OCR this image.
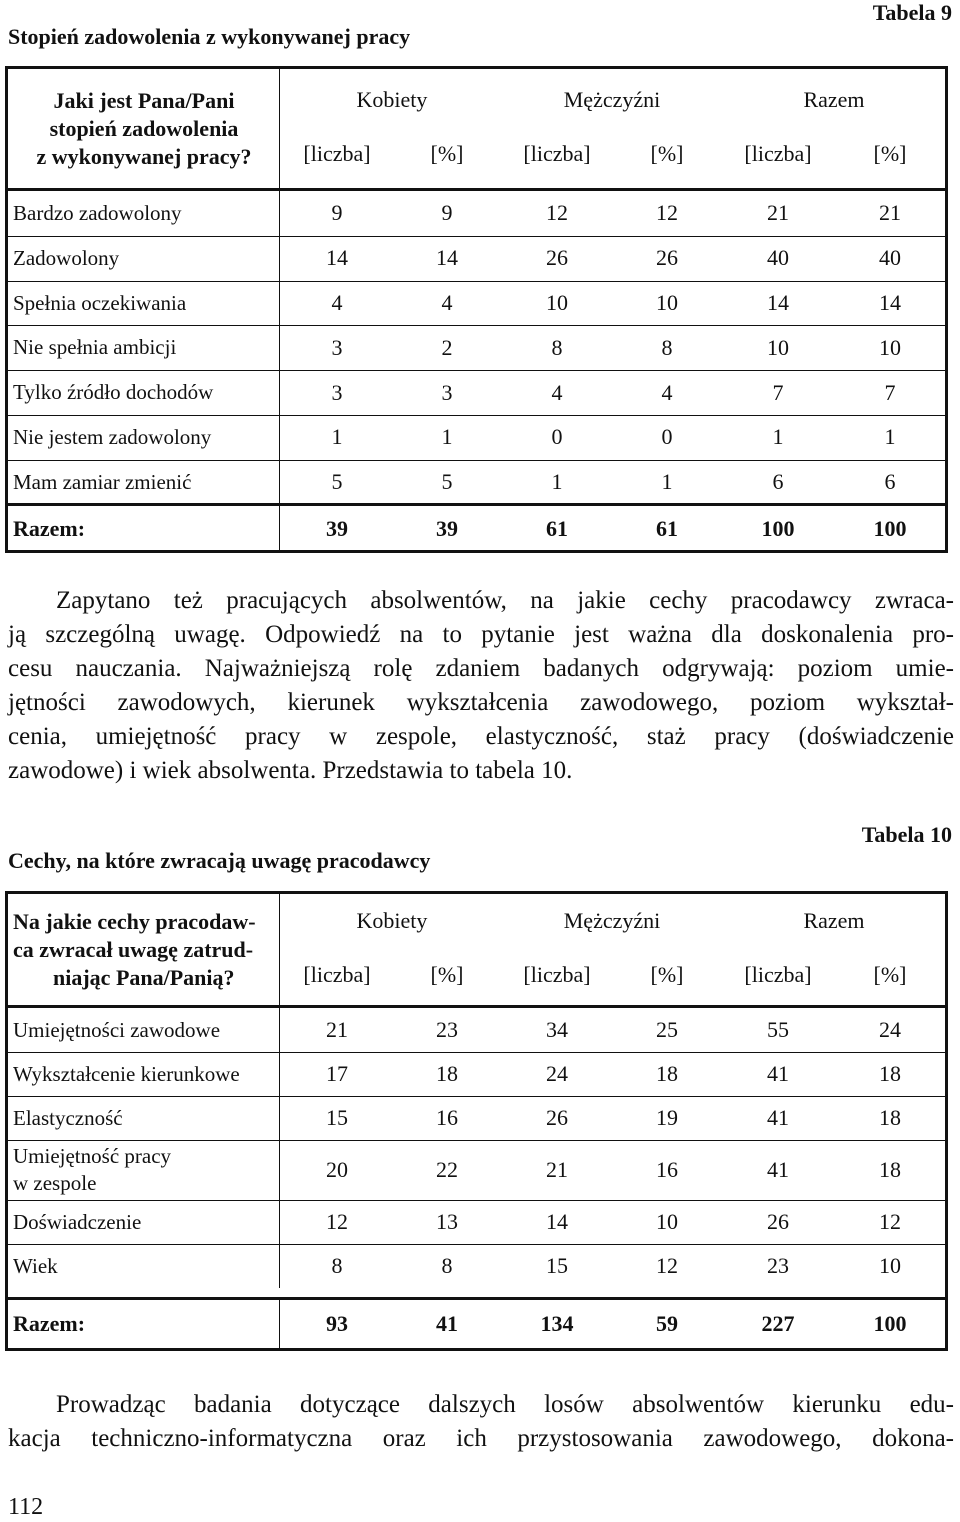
Tabela 9
Stopień zadowolenia z wykonywanej pracy
Jaki jest Pana/Pani
stopień zadowolenia
z wykonywanej pracy?
Kobiety	Mężczyźni	Razem
[liczba]	[%]	[liczba]	[%]	[liczba]	[%]
Bardzo zadowolony	9	9	12	12	21	21
Zadowolony	14	14	26	26	40	40
Spełnia oczekiwania	4	4	10	10	14	14
Nie spełnia ambicji	3	2	8	8	10	10
Tylko źródło dochodów	3	3	4	4	7	7
Nie jestem zadowolony	1	1	0	0	1	1
Mam zamiar zmienić	5	5	1	1	6	6
Razem:	39	39	61	61	100	100

Zapytano też pracujących absolwentów, na jakie cechy pracodawcy zwraca-

ją szczególną uwagę. Odpowiedź na to pytanie jest ważna dla doskonalenia pro-

cesu nauczania. Najważniejszą rolę zdaniem badanych odgrywają: poziom umie-

jętności zawodowych, kierunek wykształcenia zawodowego, poziom wykształ-

cenia, umiejętność pracy w zespole, elastyczność, staż pracy (doświadczenie

zawodowe) i wiek absolwenta. Przedstawia to tabela 10.

Tabela 10
Cechy, na które zwracają uwagę pracodawcy
Na jakie cechy pracodaw-
ca zwracał uwagę zatrud-
niając Pana/Panią?
Kobiety	Mężczyźni	Razem
[liczba]	[%]	[liczba]	[%]	[liczba]	[%]
Umiejętności zawodowe	21	23	34	25	55	24
Wykształcenie kierunkowe	17	18	24	18	41	18
Elastyczność	15	16	26	19	41	18
Umiejętność pracy
w zespole
20	22	21	16	41	18
Doświadczenie	12	13	14	10	26	12
Wiek	8	8	15	12	23	10
Razem:	93	41	134	59	227	100

Prowadząc badania dotyczące dalszych losów absolwentów kierunku edu-

kacja techniczno-informatyczna oraz ich przystosowania zawodowego, dokona-

112
